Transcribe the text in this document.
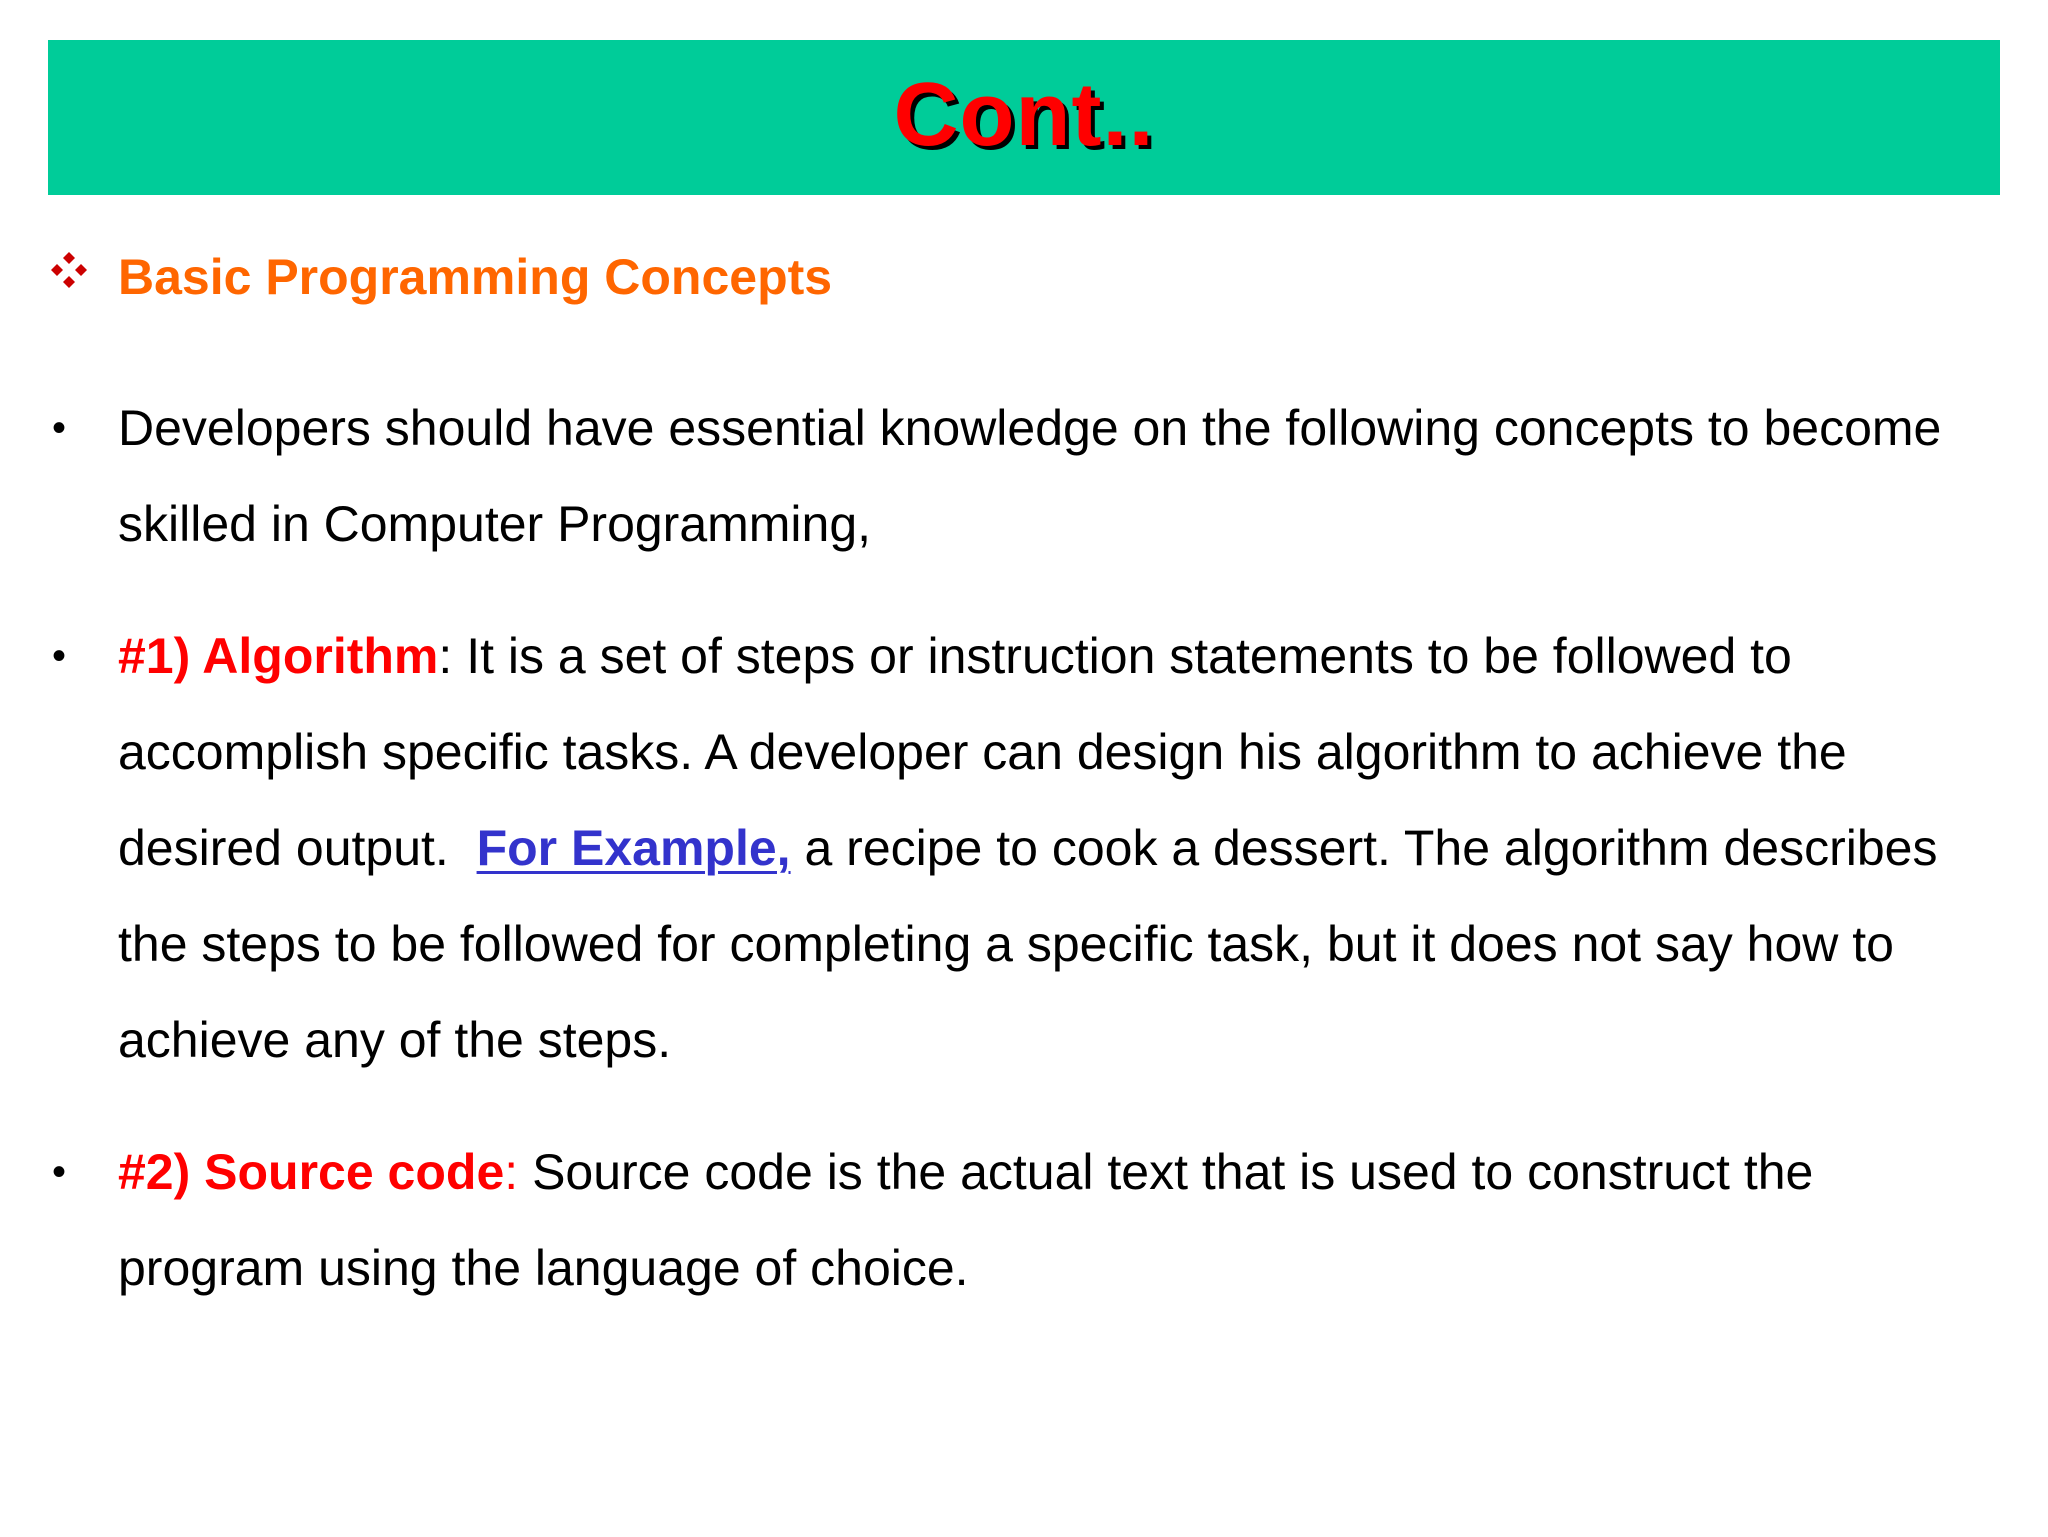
Cont..
Basic Programming Concepts
• Developers should have essential knowledge on the following concepts to become skilled in Computer Programming,
• #1) Algorithm: It is a set of steps or instruction statements to be followed to accomplish specific tasks. A developer can design his algorithm to achieve the desired output.  For Example, a recipe to cook a dessert. The algorithm describes the steps to be followed for completing a specific task, but it does not say how to achieve any of the steps.
• #2) Source code: Source code is the actual text that is used to construct the program using the language of choice.
